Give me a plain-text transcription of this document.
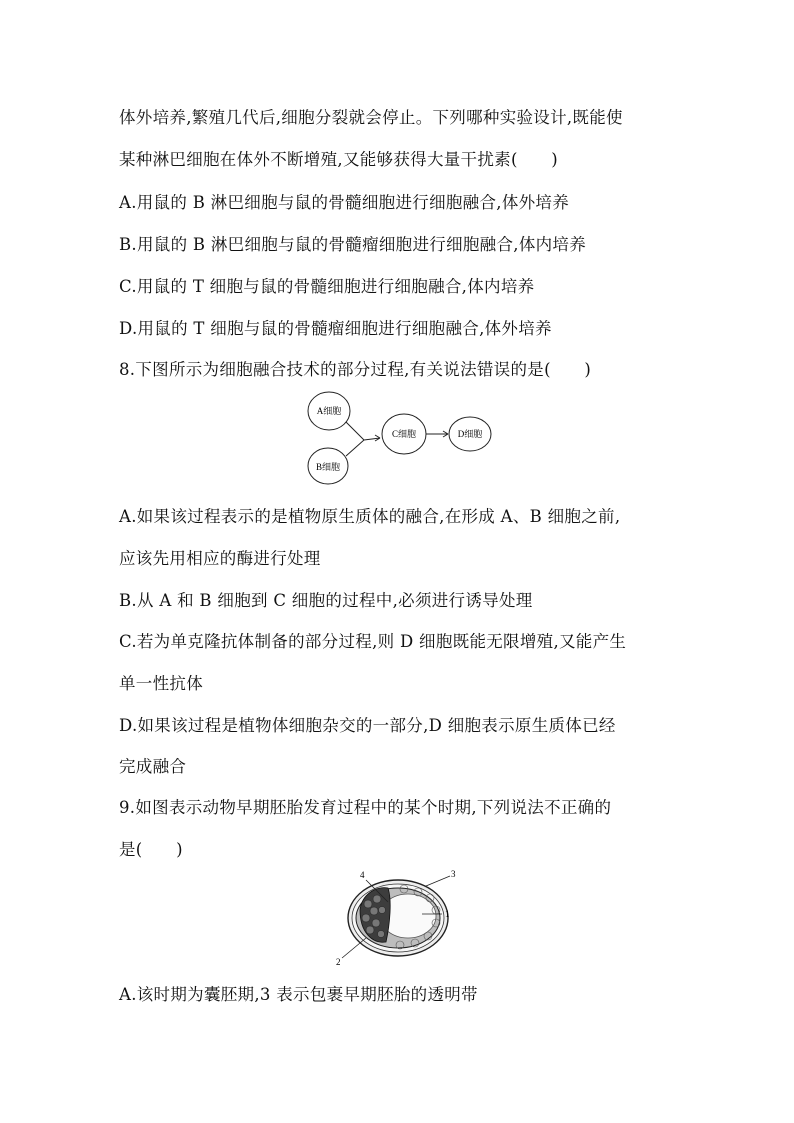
体外培养,繁殖几代后,细胞分裂就会停止。下列哪种实验设计,既能使
某种淋巴细胞在体外不断增殖,又能够获得大量干扰素(　　)
A.用鼠的 B 淋巴细胞与鼠的骨髓细胞进行细胞融合,体外培养
B.用鼠的 B 淋巴细胞与鼠的骨髓瘤细胞进行细胞融合,体内培养
C.用鼠的 T 细胞与鼠的骨髓细胞进行细胞融合,体内培养
D.用鼠的 T 细胞与鼠的骨髓瘤细胞进行细胞融合,体外培养
8.下图所示为细胞融合技术的部分过程,有关说法错误的是(　　)
A细胞
B细胞
C细胞	D细胞
A.如果该过程表示的是植物原生质体的融合,在形成 A、B 细胞之前,
应该先用相应的酶进行处理
B.从 A 和 B 细胞到 C 细胞的过程中,必须进行诱导处理
C.若为单克隆抗体制备的部分过程,则 D 细胞既能无限增殖,又能产生
单一性抗体
D.如果该过程是植物体细胞杂交的一部分,D 细胞表示原生质体已经
完成融合
9.如图表示动物早期胚胎发育过程中的某个时期,下列说法不正确的
是(　　)
4	3
1
2
A.该时期为囊胚期,3 表示包裹早期胚胎的透明带
